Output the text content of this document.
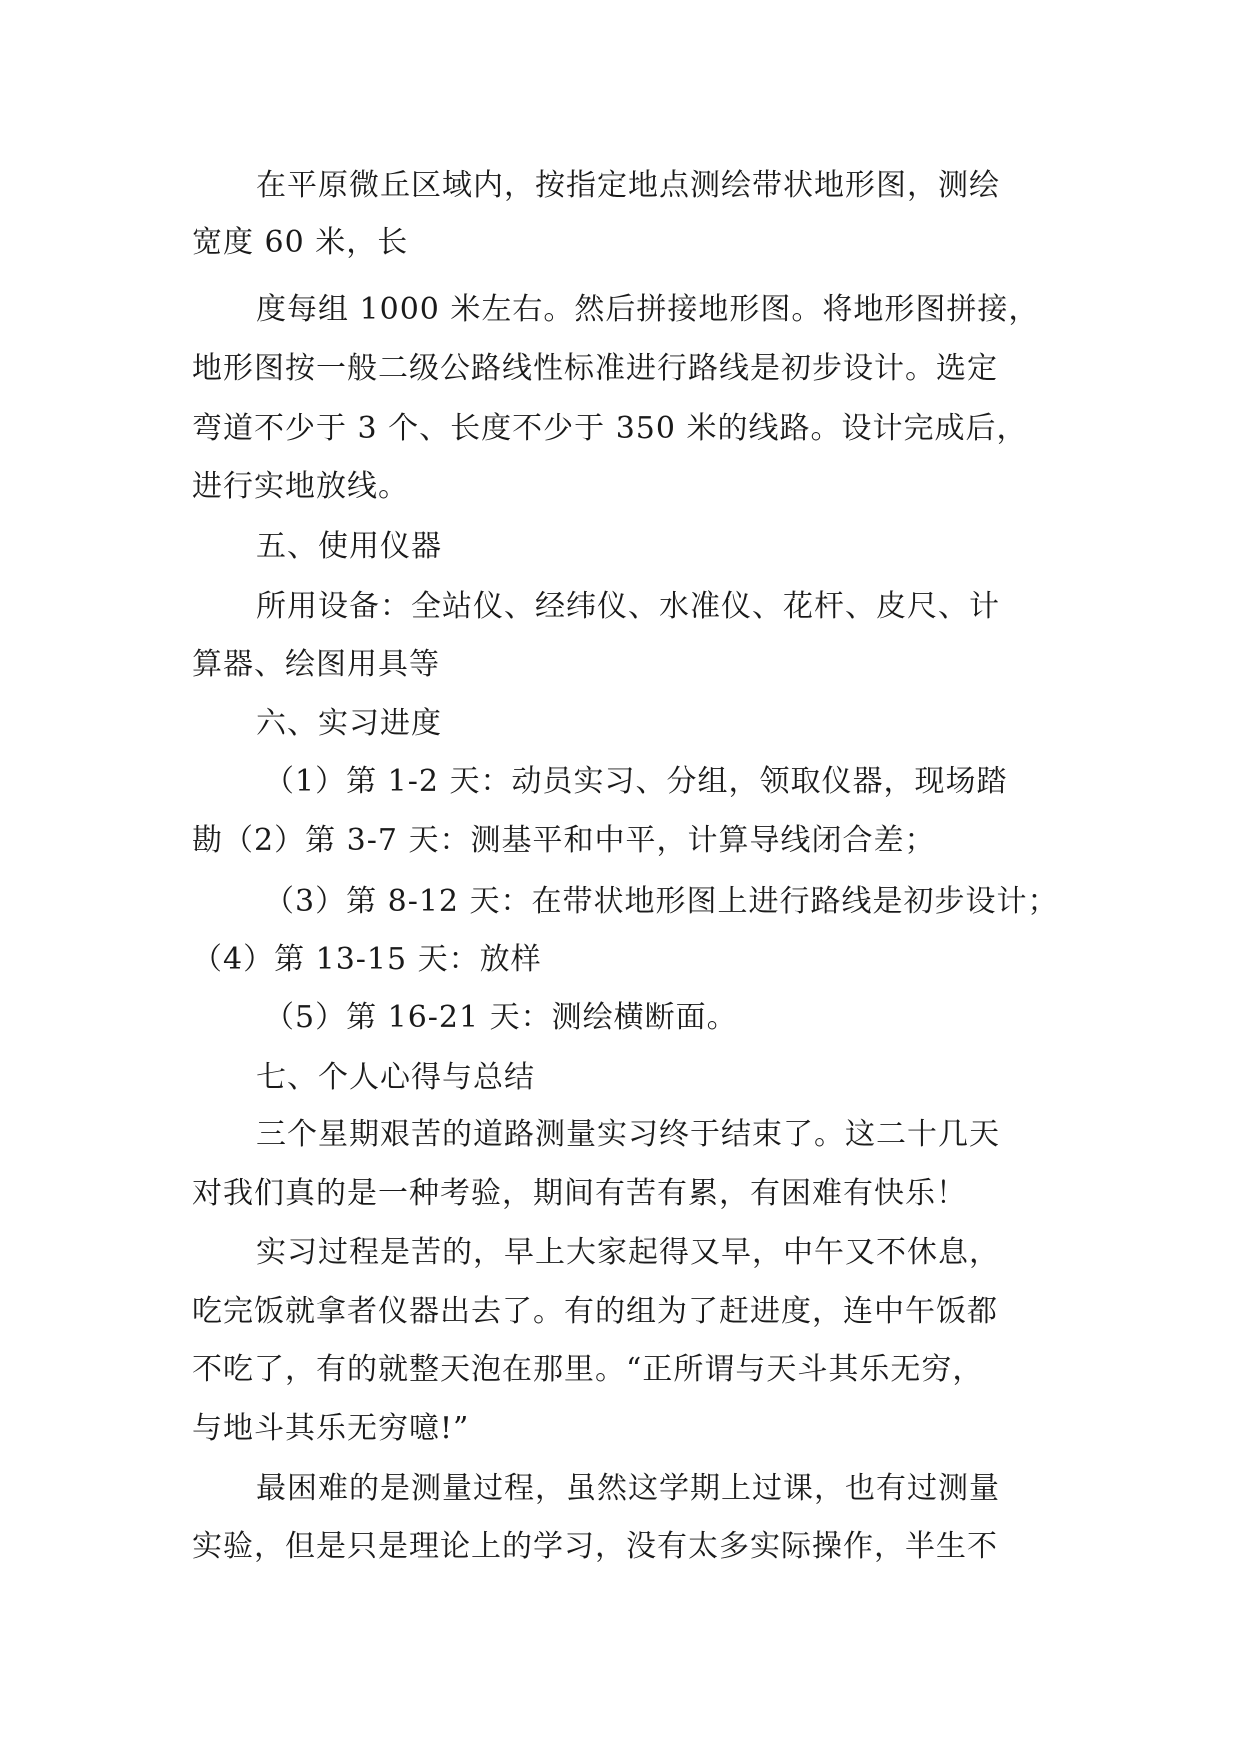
在平原微丘区域内，按指定地点测绘带状地形图，测绘
宽度 60 米，长
度每组 1000 米左右。然后拼接地形图。将地形图拼接，
地形图按一般二级公路线性标准进行路线是初步设计。选定
弯道不少于 3 个、长度不少于 350 米的线路。设计完成后，
进行实地放线。
五、使用仪器
所用设备：全站仪、经纬仪、水准仪、花杆、皮尺、计
算器、绘图用具等
六、实习进度
（1）第 1-2 天：动员实习、分组，领取仪器，现场踏
勘（2）第 3-7 天：测基平和中平，计算导线闭合差；
（3）第 8-12 天：在带状地形图上进行路线是初步设计；
（4）第 13-15 天：放样
（5）第 16-21 天：测绘横断面。
七、个人心得与总结
三个星期艰苦的道路测量实习终于结束了。这二十几天
对我们真的是一种考验，期间有苦有累，有困难有快乐！
实习过程是苦的，早上大家起得又早，中午又不休息，
吃完饭就拿者仪器出去了。有的组为了赶进度，连中午饭都
不吃了，有的就整天泡在那里。“正所谓与天斗其乐无穷，
与地斗其乐无穷噫!”
最困难的是测量过程，虽然这学期上过课，也有过测量
实验，但是只是理论上的学习，没有太多实际操作，半生不
